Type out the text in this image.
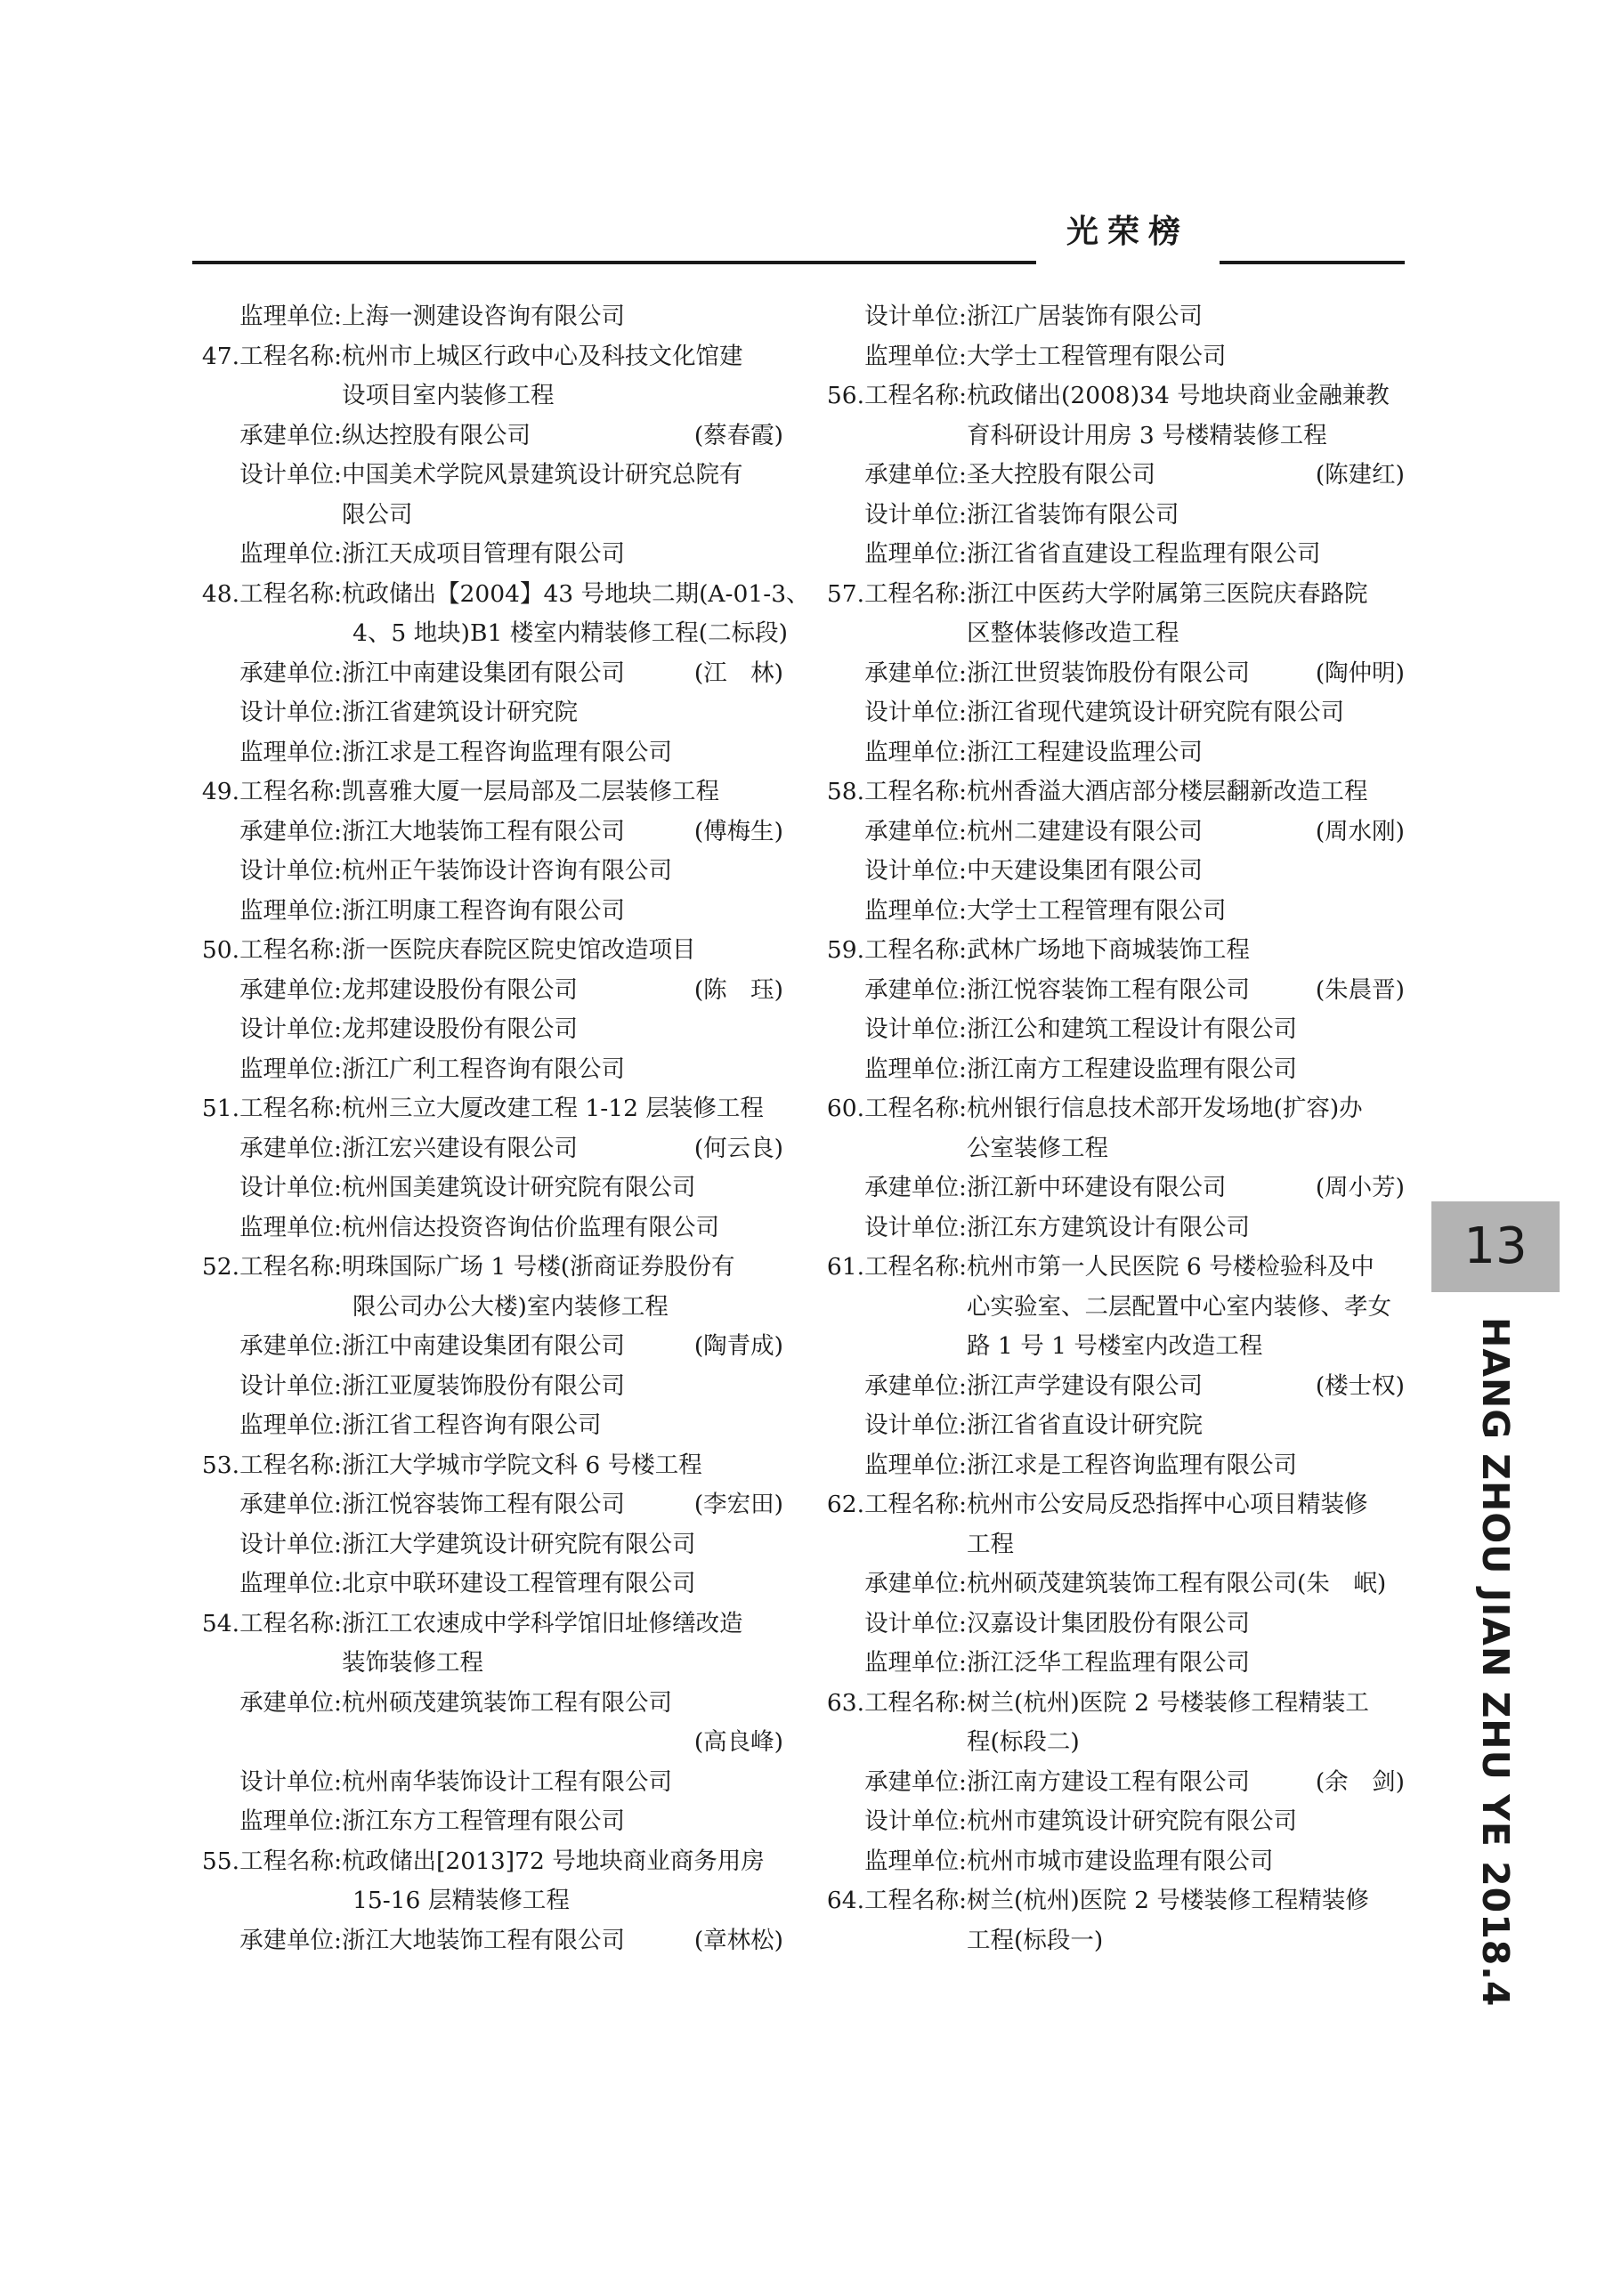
光荣榜
监理单位: 上海一测建设咨询有限公司
47.工程名称: 杭州市上城区行政中心及科技文化馆建
设项目室内装修工程
承建单位: 纵达控股有限公司	(蔡春霞)
设计单位: 中国美术学院风景建筑设计研究总院有
限公司
监理单位: 浙江天成项目管理有限公司
48.工程名称: 杭政储出【2004】43 号地块二期(A-01-3、
4、5 地块)B1 楼室内精装修工程(二标段)
承建单位: 浙江中南建设集团有限公司	(江　林)
设计单位: 浙江省建筑设计研究院
监理单位: 浙江求是工程咨询监理有限公司
49.工程名称: 凯喜雅大厦一层局部及二层装修工程
承建单位: 浙江大地装饰工程有限公司	(傅梅生)
设计单位: 杭州正午装饰设计咨询有限公司
监理单位: 浙江明康工程咨询有限公司
50.工程名称: 浙一医院庆春院区院史馆改造项目
承建单位: 龙邦建设股份有限公司	(陈　珏)
设计单位: 龙邦建设股份有限公司
监理单位: 浙江广利工程咨询有限公司
51.工程名称: 杭州三立大厦改建工程 1-12 层装修工程
承建单位: 浙江宏兴建设有限公司	(何云良)
设计单位: 杭州国美建筑设计研究院有限公司
监理单位: 杭州信达投资咨询估价监理有限公司
52.工程名称: 明珠国际广场 1 号楼(浙商证券股份有
限公司办公大楼)室内装修工程
承建单位: 浙江中南建设集团有限公司	(陶青成)
设计单位: 浙江亚厦装饰股份有限公司
监理单位: 浙江省工程咨询有限公司
53.工程名称: 浙江大学城市学院文科 6 号楼工程
承建单位: 浙江悦容装饰工程有限公司	(李宏田)
设计单位: 浙江大学建筑设计研究院有限公司
监理单位: 北京中联环建设工程管理有限公司
54.工程名称: 浙江工农速成中学科学馆旧址修缮改造
装饰装修工程
承建单位: 杭州硕茂建筑装饰工程有限公司
(高良峰)
设计单位: 杭州南华装饰设计工程有限公司
监理单位: 浙江东方工程管理有限公司
55.工程名称: 杭政储出[2013]72 号地块商业商务用房
15-16 层精装修工程
承建单位: 浙江大地装饰工程有限公司	(章林松)
设计单位: 浙江广居装饰有限公司
监理单位: 大学士工程管理有限公司
56.工程名称: 杭政储出(2008)34 号地块商业金融兼教
育科研设计用房 3 号楼精装修工程
承建单位: 圣大控股有限公司	(陈建红)
设计单位: 浙江省装饰有限公司
监理单位: 浙江省省直建设工程监理有限公司
57.工程名称: 浙江中医药大学附属第三医院庆春路院
区整体装修改造工程
承建单位: 浙江世贸装饰股份有限公司	(陶仲明)
设计单位: 浙江省现代建筑设计研究院有限公司
监理单位: 浙江工程建设监理公司
58.工程名称: 杭州香溢大酒店部分楼层翻新改造工程
承建单位: 杭州二建建设有限公司	(周水刚)
设计单位: 中天建设集团有限公司
监理单位: 大学士工程管理有限公司
59.工程名称: 武林广场地下商城装饰工程
承建单位: 浙江悦容装饰工程有限公司	(朱晨晋)
设计单位: 浙江公和建筑工程设计有限公司
监理单位: 浙江南方工程建设监理有限公司
60.工程名称: 杭州银行信息技术部开发场地(扩容)办
公室装修工程
承建单位: 浙江新中环建设有限公司	(周小芳)
设计单位: 浙江东方建筑设计有限公司
61.工程名称: 杭州市第一人民医院 6 号楼检验科及中
心实验室、二层配置中心室内装修、孝女
路 1 号 1 号楼室内改造工程
承建单位: 浙江声学建设有限公司	(楼士权)
设计单位: 浙江省省直设计研究院
监理单位: 浙江求是工程咨询监理有限公司
62.工程名称: 杭州市公安局反恐指挥中心项目精装修
工程
承建单位: 杭州硕茂建筑装饰工程有限公司(朱　岷)
设计单位: 汉嘉设计集团股份有限公司
监理单位: 浙江泛华工程监理有限公司
63.工程名称: 树兰(杭州)医院 2 号楼装修工程精装工
程(标段二)
承建单位: 浙江南方建设工程有限公司	(余　剑)
设计单位: 杭州市建筑设计研究院有限公司
监理单位: 杭州市城市建设监理有限公司
64.工程名称: 树兰(杭州)医院 2 号楼装修工程精装修
工程(标段一)
13
HANG ZHOU JIAN ZHU YE 2018.4
